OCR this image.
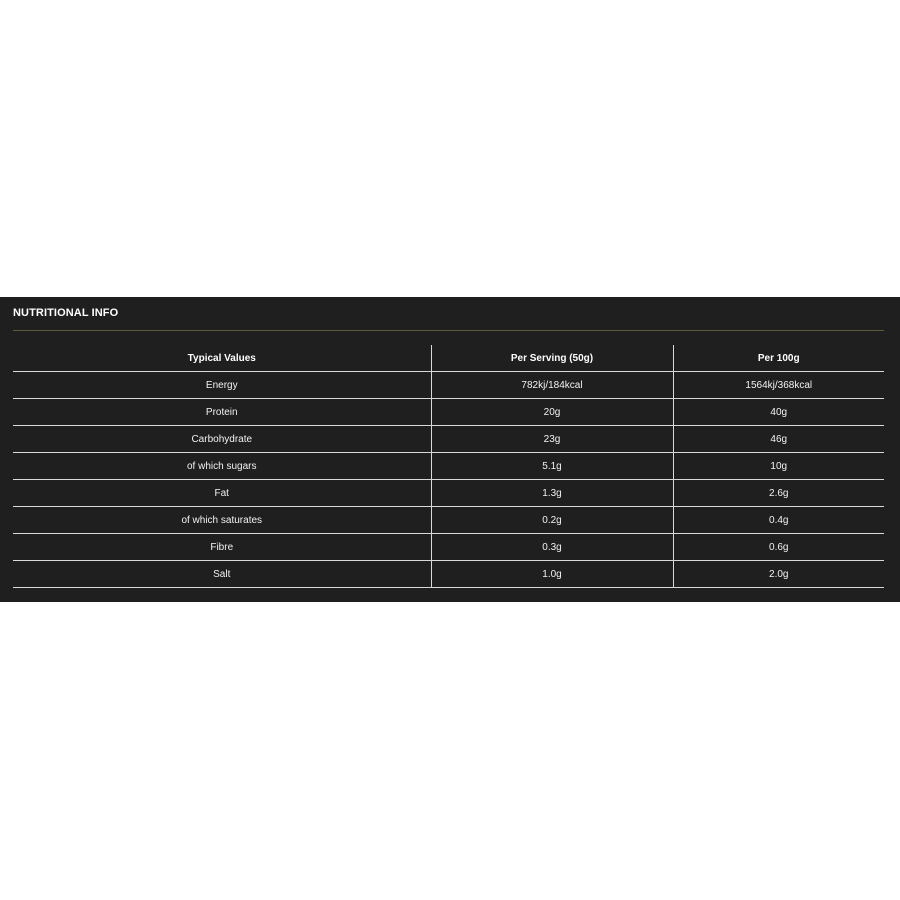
NUTRITIONAL INFO
Typical Values	Per Serving (50g)	Per 100g
Energy	782kj/184kcal	1564kj/368kcal
Protein	20g	40g
Carbohydrate	23g	46g
of which sugars	5.1g	10g
Fat	1.3g	2.6g
of which saturates	0.2g	0.4g
Fibre	0.3g	0.6g
Salt	1.0g	2.0g
